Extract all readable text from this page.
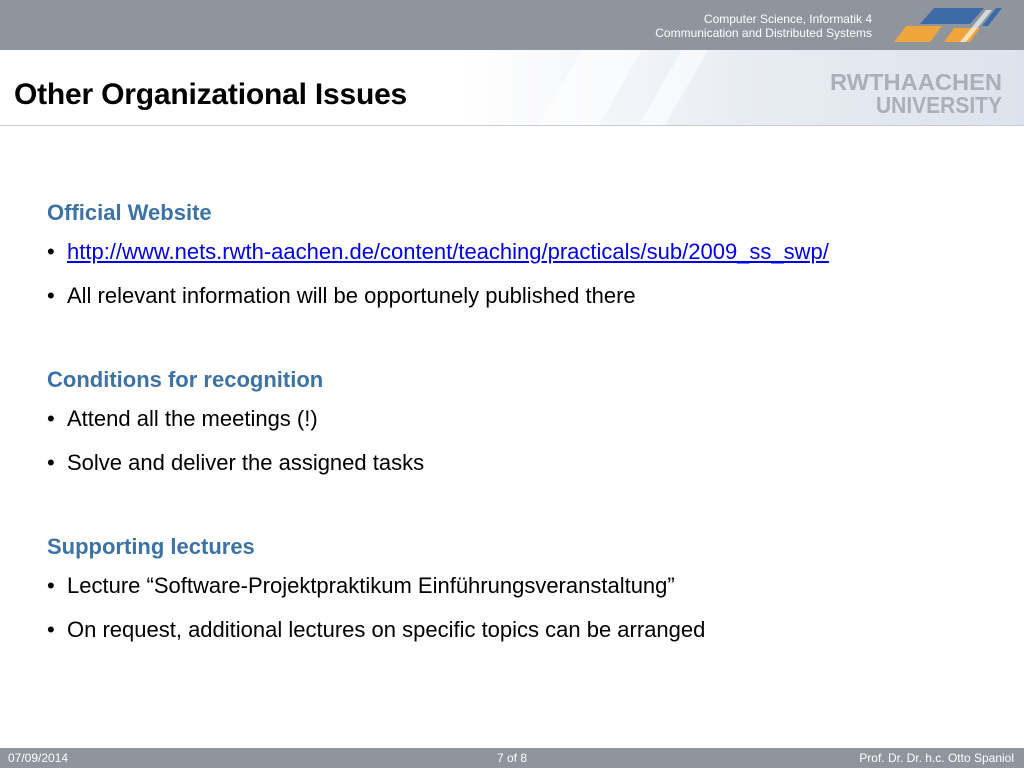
Computer Science, Informatik 4
Communication and Distributed Systems
Other Organizational Issues	RWTHAACHEN
UNIVERSITY
Official Website
• http://www.nets.rwth-aachen.de/content/teaching/practicals/sub/2009_ss_swp/
• All relevant information will be opportunely published there
Conditions for recognition
• Attend all the meetings (!)
• Solve and deliver the assigned tasks
Supporting lectures
• Lecture “Software-Projektpraktikum Einführungsveranstaltung”
• On request, additional lectures on specific topics can be arranged
07/09/2014	7 of 8	Prof. Dr. Dr. h.c. Otto Spaniol
